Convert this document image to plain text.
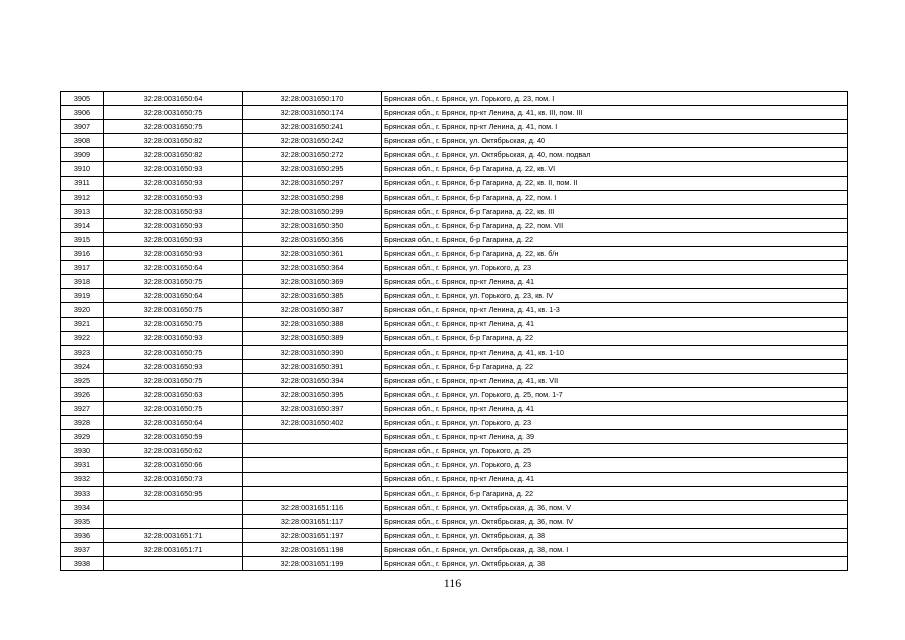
3905	32:28:0031650:64	32:28:0031650:170	Брянская обл., г. Брянск, ул. Горького, д. 23, пом. I
3906	32:28:0031650:75	32:28:0031650:174	Брянская обл., г. Брянск, пр-кт Ленина, д. 41, кв. III, пом. III
3907	32:28:0031650:75	32:28:0031650:241	Брянская обл., г. Брянск, пр-кт Ленина, д. 41, пом. I
3908	32:28:0031650:82	32:28:0031650:242	Брянская обл., г. Брянск, ул. Октябрьская, д. 40
3909	32:28:0031650:82	32:28:0031650:272	Брянская обл., г. Брянск, ул. Октябрьская, д. 40, пом. подвал
3910	32:28:0031650:93	32:28:0031650:295	Брянская обл., г. Брянск, б-р Гагарина, д. 22, кв. VI
3911	32:28:0031650:93	32:28:0031650:297	Брянская обл., г. Брянск, б-р Гагарина, д. 22, кв. II, пом. II
3912	32:28:0031650:93	32:28:0031650:298	Брянская обл., г. Брянск, б-р Гагарина, д. 22, пом. I
3913	32:28:0031650:93	32:28:0031650:299	Брянская обл., г. Брянск, б-р Гагарина, д. 22, кв. III
3914	32:28:0031650:93	32:28:0031650:350	Брянская обл., г. Брянск, б-р Гагарина, д. 22, пом. VII
3915	32:28:0031650:93	32:28:0031650:356	Брянская обл., г. Брянск, б-р Гагарина, д. 22
3916	32:28:0031650:93	32:28:0031650:361	Брянская обл., г. Брянск, б-р Гагарина, д. 22, кв. б/н
3917	32:28:0031650:64	32:28:0031650:364	Брянская обл., г. Брянск, ул. Горького, д. 23
3918	32:28:0031650:75	32:28:0031650:369	Брянская обл., г. Брянск, пр-кт Ленина, д. 41
3919	32:28:0031650:64	32:28:0031650:385	Брянская обл., г. Брянск, ул. Горького, д. 23, кв. IV
3920	32:28:0031650:75	32:28:0031650:387	Брянская обл., г. Брянск, пр-кт Ленина, д. 41, кв. 1-3
3921	32:28:0031650:75	32:28:0031650:388	Брянская обл., г. Брянск, пр-кт Ленина, д. 41
3922	32:28:0031650:93	32:28:0031650:389	Брянская обл., г. Брянск, б-р Гагарина, д. 22
3923	32:28:0031650:75	32:28:0031650:390	Брянская обл., г. Брянск, пр-кт Ленина, д. 41, кв. 1-10
3924	32:28:0031650:93	32:28:0031650:391	Брянская обл., г. Брянск, б-р Гагарина, д. 22
3925	32:28:0031650:75	32:28:0031650:394	Брянская обл., г. Брянск, пр-кт Ленина, д. 41, кв. VII
3926	32:28:0031650:63	32:28:0031650:395	Брянская обл., г. Брянск, ул. Горького, д. 25, пом. 1-7
3927	32:28:0031650:75	32:28:0031650:397	Брянская обл., г. Брянск, пр-кт Ленина, д. 41
3928	32:28:0031650:64	32:28:0031650:402	Брянская обл., г. Брянск, ул. Горького, д. 23
3929	32:28:0031650:59		Брянская обл., г. Брянск, пр-кт Ленина, д. 39
3930	32:28:0031650:62		Брянская обл., г. Брянск, ул. Горького, д. 25
3931	32:28:0031650:66		Брянская обл., г. Брянск, ул. Горького, д. 23
3932	32:28:0031650:73		Брянская обл., г. Брянск, пр-кт Ленина, д. 41
3933	32:28:0031650:95		Брянская обл., г. Брянск, б-р Гагарина, д. 22
3934		32:28:0031651:116	Брянская обл., г. Брянск, ул. Октябрьская, д. 36, пом. V
3935		32:28:0031651:117	Брянская обл., г. Брянск, ул. Октябрьская, д. 36, пом. IV
3936	32:28:0031651:71	32:28:0031651:197	Брянская обл., г. Брянск, ул. Октябрьская, д. 38
3937	32:28:0031651:71	32:28:0031651:198	Брянская обл., г. Брянск, ул. Октябрьская, д. 38, пом. I
3938		32:28:0031651:199	Брянская обл., г. Брянск, ул. Октябрьская, д. 38
116
